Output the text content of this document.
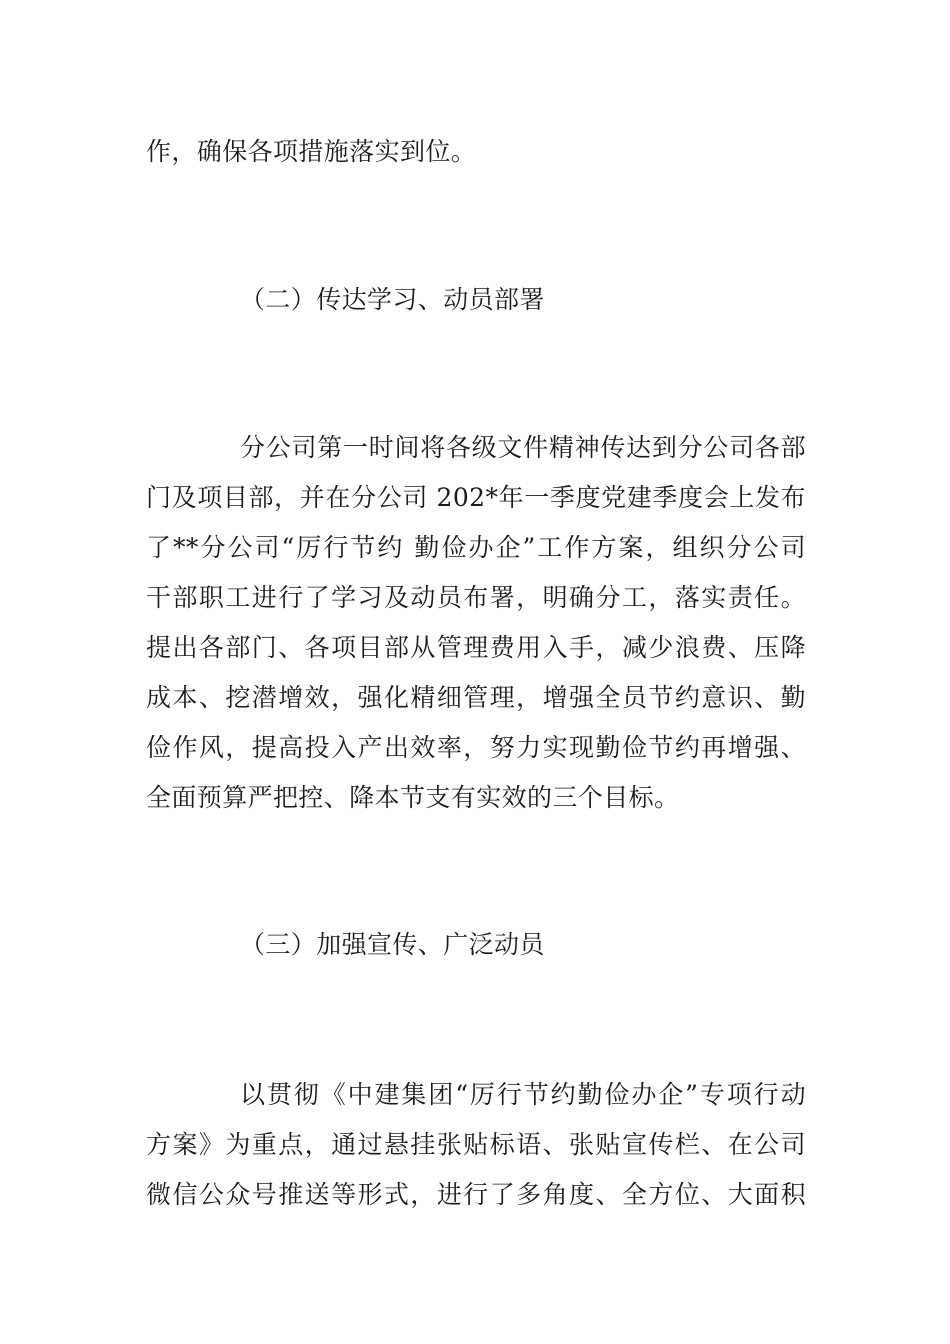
作，确保各项措施落实到位。
（二）传达学习、动员部署
分公司第一时间将各级文件精神传达到分公司各部
门及项目部，并在分公司 202*年一季度党建季度会上发布
了**分公司“厉行节约 勤俭办企”工作方案，组织分公司
干部职工进行了学习及动员布署，明确分工，落实责任。
提出各部门、各项目部从管理费用入手，减少浪费、压降
成本、挖潜增效，强化精细管理，增强全员节约意识、勤
俭作风，提高投入产出效率，努力实现勤俭节约再增强、
全面预算严把控、降本节支有实效的三个目标。
（三）加强宣传、广泛动员
以贯彻《中建集团“厉行节约勤俭办企”专项行动
方案》为重点，通过悬挂张贴标语、张贴宣传栏、在公司
微信公众号推送等形式，进行了多角度、全方位、大面积
